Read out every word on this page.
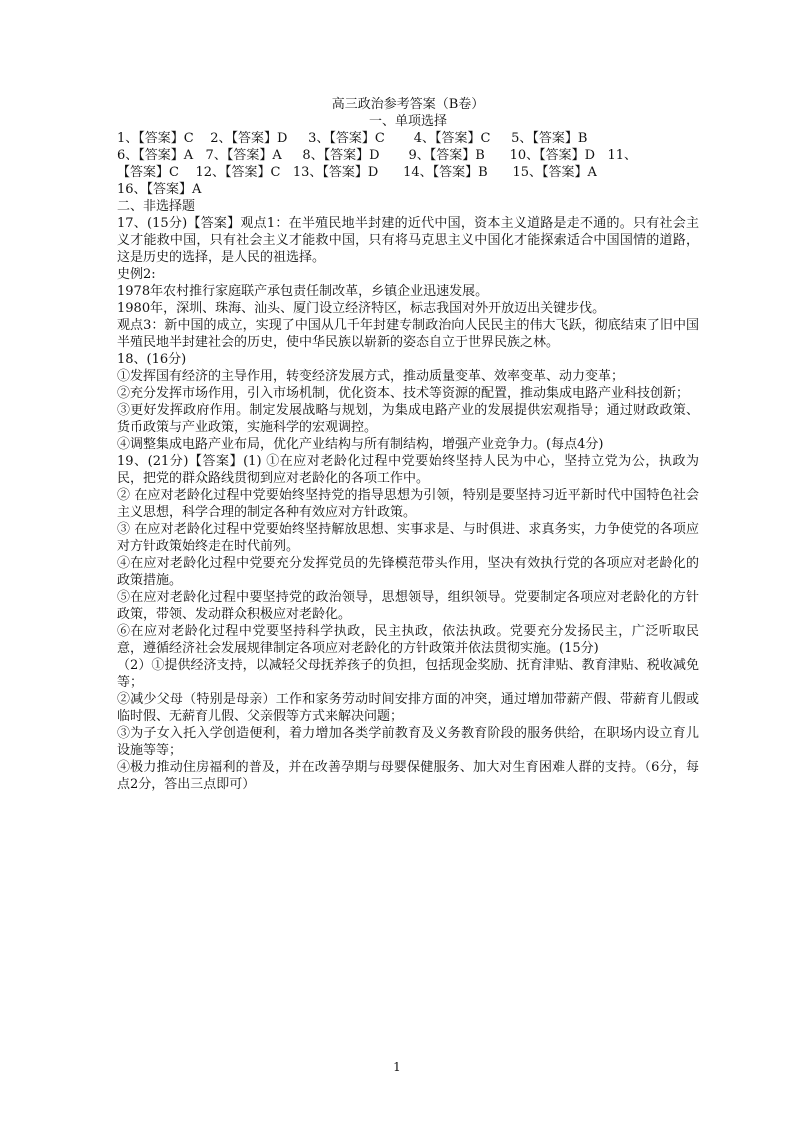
高三政治参考答案（B卷）

一、单项选择

1、【答案】C    2、【答案】D     3、【答案】C       4、【答案】C     5、【答案】B

6、【答案】A   7、【答案】A     8、【答案】D       9、【答案】B      10、【答案】D   11、

【答案】C    12、【答案】C   13、【答案】D      14、【答案】B      15、【答案】A

16、【答案】A

二、非选择题

17、(15分)【答案】观点1：在半殖民地半封建的近代中国，资本主义道路是走不通的。只有社会主义才能救中国，只有社会主义才能救中国，只有将马克思主义中国化才能探索适合中国国情的道路，这是历史的选择，是人民的祖选择。

史例2:

1978年农村推行家庭联产承包责任制改革，乡镇企业迅速发展。

1980年，深圳、珠海、汕头、厦门设立经济特区，标志我国对外开放迈出关键步伐。

观点3：新中国的成立，实现了中国从几千年封建专制政治向人民民主的伟大飞跃，彻底结束了旧中国半殖民地半封建社会的历史，使中华民族以崭新的姿态自立于世界民族之林。

18、(16分)

①发挥国有经济的主导作用，转变经济发展方式，推动质量变革、效率变革、动力变革；

②充分发挥市场作用，引入市场机制，优化资本、技术等资源的配置，推动集成电路产业科技创新；

③更好发挥政府作用。制定发展战略与规划，为集成电路产业的发展提供宏观指导；通过财政政策、货币政策与产业政策，实施科学的宏观调控。

④调整集成电路产业布局，优化产业结构与所有制结构，增强产业竞争力。(每点4分)

19、(21分)【答案】(1) ①在应对老龄化过程中党要始终坚持人民为中心，坚持立党为公，执政为民，把党的群众路线贯彻到应对老龄化的各项工作中。

② 在应对老龄化过程中党要始终坚持党的指导思想为引领，特别是要坚持习近平新时代中国特色社会主义思想，科学合理的制定各种有效应对方针政策。

③ 在应对老龄化过程中党要始终坚持解放思想、实事求是、与时俱进、求真务实，力争使党的各项应对方针政策始终走在时代前列。

④在应对老龄化过程中党要充分发挥党员的先锋模范带头作用，坚决有效执行党的各项应对老龄化的政策措施。

⑤在应对老龄化过程中要坚持党的政治领导，思想领导，组织领导。党要制定各项应对老龄化的方针政策，带领、发动群众积极应对老龄化。

⑥在应对老龄化过程中党要坚持科学执政，民主执政，依法执政。党要充分发扬民主，广泛听取民意，遵循经济社会发展规律制定各项应对老龄化的方针政策并依法贯彻实施。(15分)

（2）①提供经济支持，以减轻父母抚养孩子的负担，包括现金奖励、抚育津贴、教育津贴、税收减免等；

②减少父母（特别是母亲）工作和家务劳动时间安排方面的冲突，通过增加带薪产假、带薪育儿假或临时假、无薪育儿假、父亲假等方式来解决问题；

③为子女入托入学创造便利，着力增加各类学前教育及义务教育阶段的服务供给，在职场内设立育儿设施等等；

④极力推动住房福利的普及，并在改善孕期与母婴保健服务、加大对生育困难人群的支持。（6分，每点2分，答出三点即可）

1
